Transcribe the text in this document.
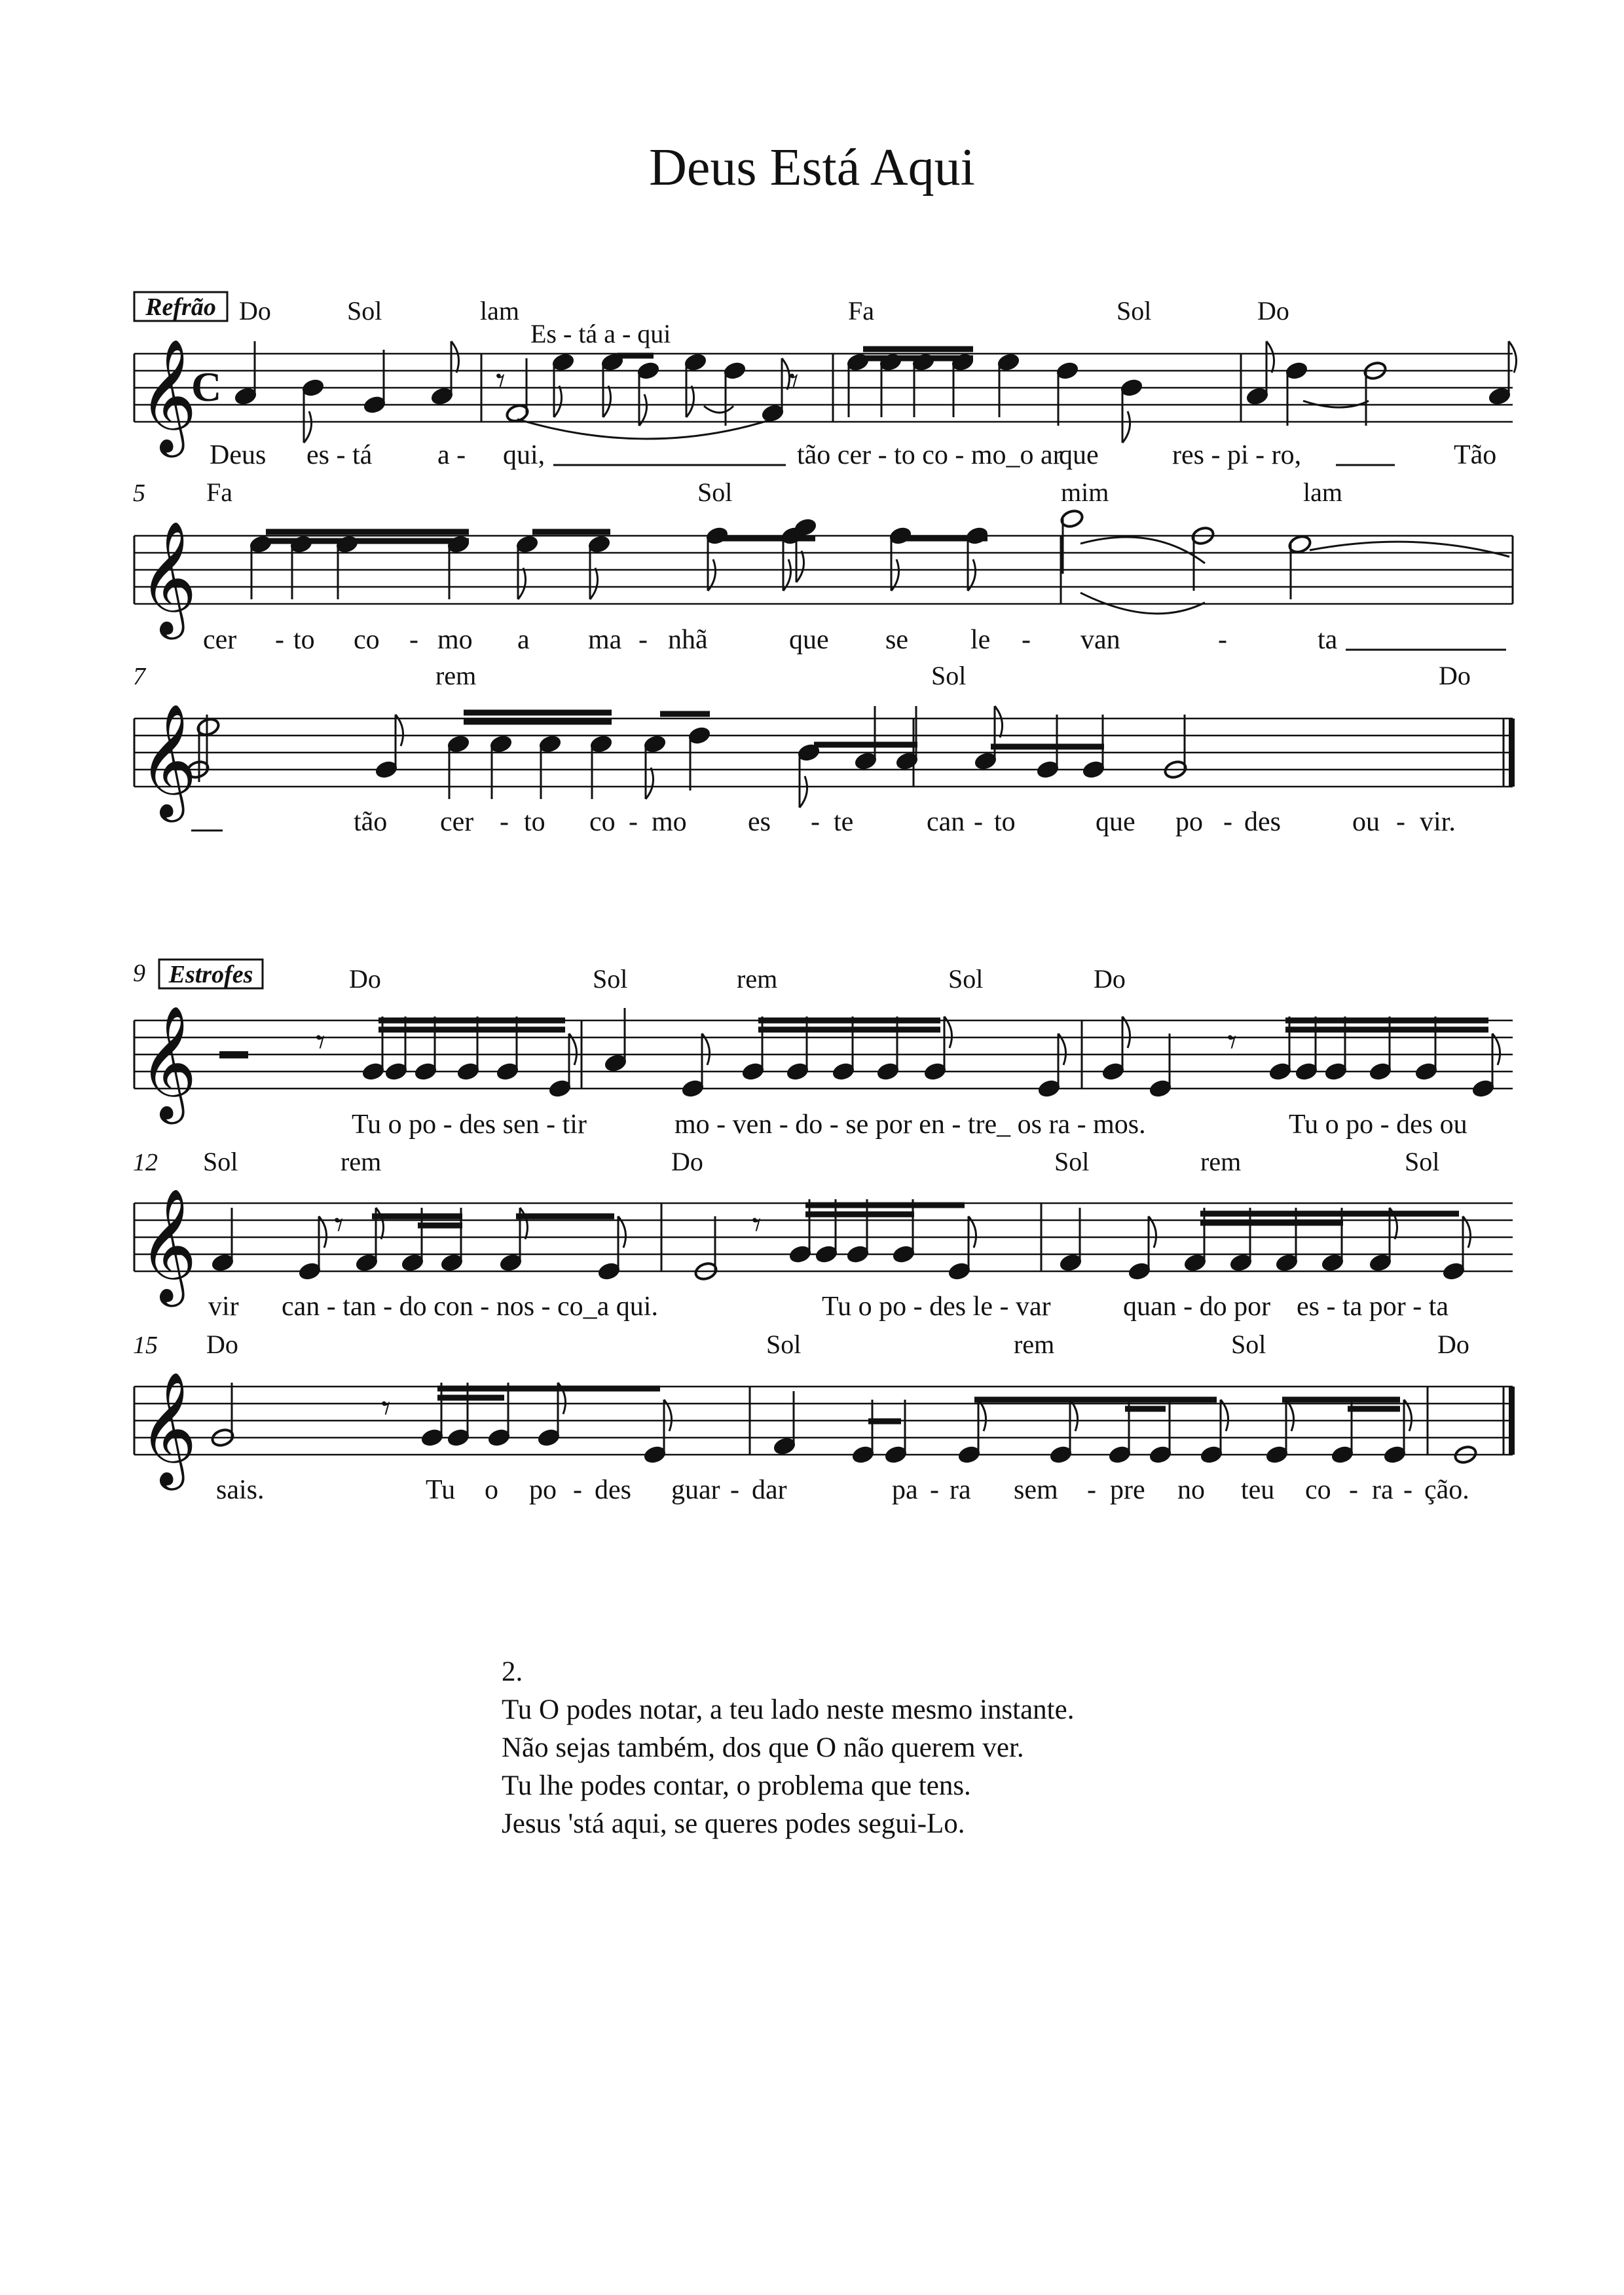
Deus Está Aqui
Refrão Do	Sol	lam	Fa	Sol	Do
Es - tá a - qui
𝄞
C
Deus es - tá a - qui,	tão cer - to co - mo_o ar
que	res - pi - ro,	Tão
5 Fa	Sol	mim	lam
𝄞
cer - to co - mo a ma - nhã	que se le - van	-	ta
7	rem	Sol	Do
𝄞
tão cer - to co - mo es - te	can - to	que po - des	ou - vir.
9 Estrofes	Do	Sol	rem	Sol	Do
𝄞
Tu o po - des sen - tir	mo - ven - do - se por en - tre_ os ra - mos.	Tu o po - des ou
𝄾	𝄾
12 Sol	rem	Do	Sol	rem	Sol
𝄞
vir can - tan - do con - nos - co_a qui.	Tu o po - des le - var	quan - do por es - ta por - ta
𝄾	𝄾
15 Do	Sol	rem	Sol	Do
𝄞
sais.	Tu o po - des guar - dar	pa - ra sem - pre no teu co - ra - ção.
𝄾
𝄾	𝄾
2.
Tu O podes notar, a teu lado neste mesmo instante.
Não sejas também, dos que O não querem ver.
Tu lhe podes contar, o problema que tens.
Jesus 'stá aqui, se queres podes segui-Lo.
